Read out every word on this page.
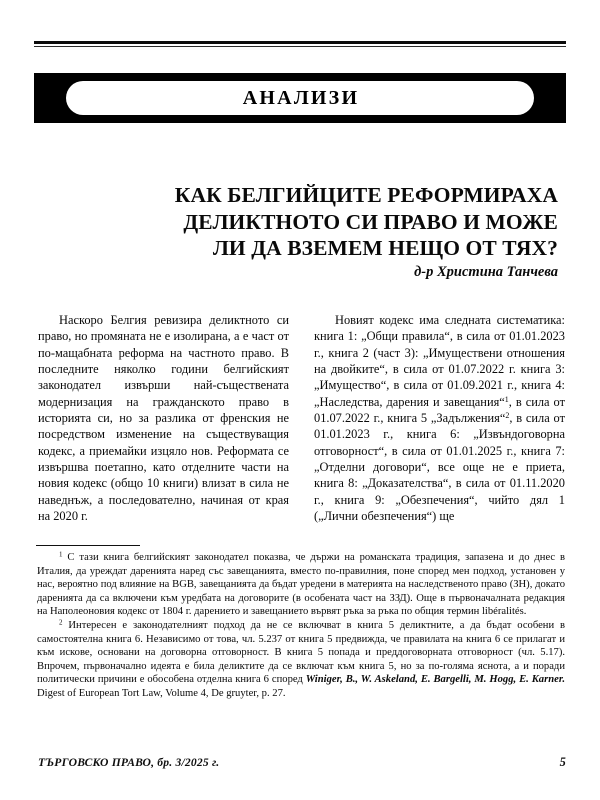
АНАЛИЗИ
КАК БЕЛГИЙЦИТЕ РЕФОРМИРАХА
ДЕЛИКТНОТО СИ ПРАВО И МОЖЕ
ЛИ ДА ВЗЕМЕМ НЕЩО ОТ ТЯХ?
д-р Христина Танчева

Наскоро Белгия ревизира деликтното си право, но промяната не е изолирана, а е част от по-мащабната реформа на частното право. В последните няколко години белгийският законодател извърши най-съществената модернизация на гражданското право в историята си, но за разлика от френския не посредством изменение на съществуващия кодекс, а приемайки изцяло нов. Реформата се извършва поетапно, като отделните части на новия кодекс (общо 10 книги) влизат в сила не наведнъж, а последователно, начиная от края на 2020 г.

Новият кодекс има следната систематика: книга 1: „Общи правила“, в сила от 01.01.2023 г., книга 2 (част 3): „Имуществени отношения на двойките“, в сила от 01.07.2022 г. книга 3: „Имущество“, в сила от 01.09.2021 г., книга 4: „Наследства, дарения и завещания“$^1$, в сила от 01.07.2022 г., книга 5 „Задължения“$^2$, в сила от 01.01.2023 г., книга 6: „Извъндоговорна отговорност“, в сила от 01.01.2025 г., книга 7: „Отделни договори“, все още не е приета, книга 8: „Доказателства“, в сила от 01.11.2020 г., книга 9: „Обезпечения“, чийто дял 1 („Лични обезпечения“) ще

$^1$ С тази книга белгийският законодател показва, че държи на романската традиция, запазена и до днес в Италия, да уреждат дaренията наред със завещанията, вместо по-правилния, поне според мен подход, установен у нас, вероятно под влияние на BGB, завещанията да бъдат уредени в материята на наследственото право (ЗН), докато дaренията да са включени към уредбата на договорите (в особената част на ЗЗД). Още в първоначалната редакция на Наполеоновия кодекс от 1804 г. дарението и завещанието вървят ръка за ръка по общия термин libéralités.

$^2$ Интересен е законодателният подход да не се включват в книга 5 деликтните, а да бъдат особени в самостоятелна книга 6. Независимо от това, чл. 5.237 от книга 5 предвижда, че правилата на книга 6 се прилагат и към искове, основани на договорна отговорност. В книга 5 попада и преддоговорната отговорност (чл. 5.17). Впрочем, първоначално идеята е била деликтите да се включат към книга 5, но за по-голяма яснота, а и поради политически причини е обособена отделна книга 6 според Winiger, B., W. Askeland, E. Bargelli, M. Hogg, E. Karner. Digest of European Tort Law, Volume 4, De gruyter, p. 27.

ТЪРГОВСКО ПРАВО, бр. 3/2025 г.	5
